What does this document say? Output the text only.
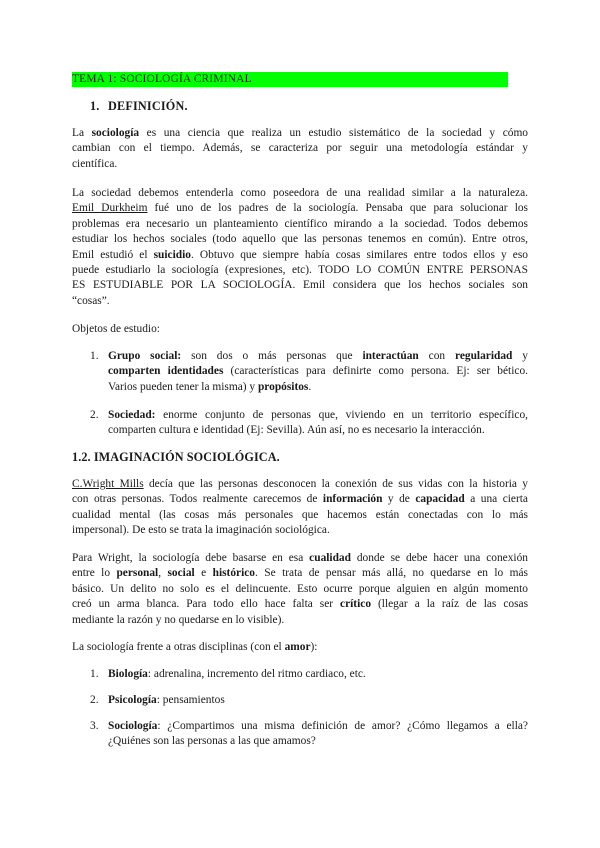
TEMA 1: SOCIOLOGÍA CRIMINAL
1. DEFINICIÓN.
La sociología es una ciencia que realiza un estudio sistemático de la sociedad y cómo
cambian con el tiempo. Además, se caracteriza por seguir una metodología estándar y
científica.
La sociedad debemos entenderla como poseedora de una realidad similar a la naturaleza.
Emil Durkheim fué uno de los padres de la sociología. Pensaba que para solucionar los
problemas era necesario un planteamiento científico mirando a la sociedad. Todos debemos
estudiar los hechos sociales (todo aquello que las personas tenemos en común). Entre otros,
Emil estudió el suicidio. Obtuvo que siempre había cosas similares entre todos ellos y eso
puede estudiarlo la sociología (expresiones, etc). TODO LO COMÚN ENTRE PERSONAS
ES ESTUDIABLE POR LA SOCIOLOGÍA. Emil considera que los hechos sociales son
“cosas”.
Objetos de estudio:
1. Grupo social: son dos o más personas que interactúan con regularidad y
comparten identidades (características para definirte como persona. Ej: ser bético.
Varios pueden tener la misma) y propósitos.
2. Sociedad: enorme conjunto de personas que, viviendo en un territorio específico,
comparten cultura e identidad (Ej: Sevilla). Aún así, no es necesario la interacción.
1.2. IMAGINACIÓN SOCIOLÓGICA.
C.Wright Mills decía que las personas desconocen la conexión de sus vidas con la historia y
con otras personas. Todos realmente carecemos de información y de capacidad a una cierta
cualidad mental (las cosas más personales que hacemos están conectadas con lo más
impersonal). De esto se trata la imaginación sociológica.
Para Wright, la sociología debe basarse en esa cualidad donde se debe hacer una conexión
entre lo personal, social e histórico. Se trata de pensar más allá, no quedarse en lo más
básico. Un delito no solo es el delincuente. Esto ocurre porque alguien en algún momento
creó un arma blanca. Para todo ello hace falta ser crítico (llegar a la raíz de las cosas
mediante la razón y no quedarse en lo visible).
La sociología frente a otras disciplinas (con el amor):
1. Biología: adrenalina, incremento del ritmo cardiaco, etc.
2. Psicología: pensamientos
3. Sociología: ¿Compartimos una misma definición de amor? ¿Cómo llegamos a ella?
¿Quiénes son las personas a las que amamos?
